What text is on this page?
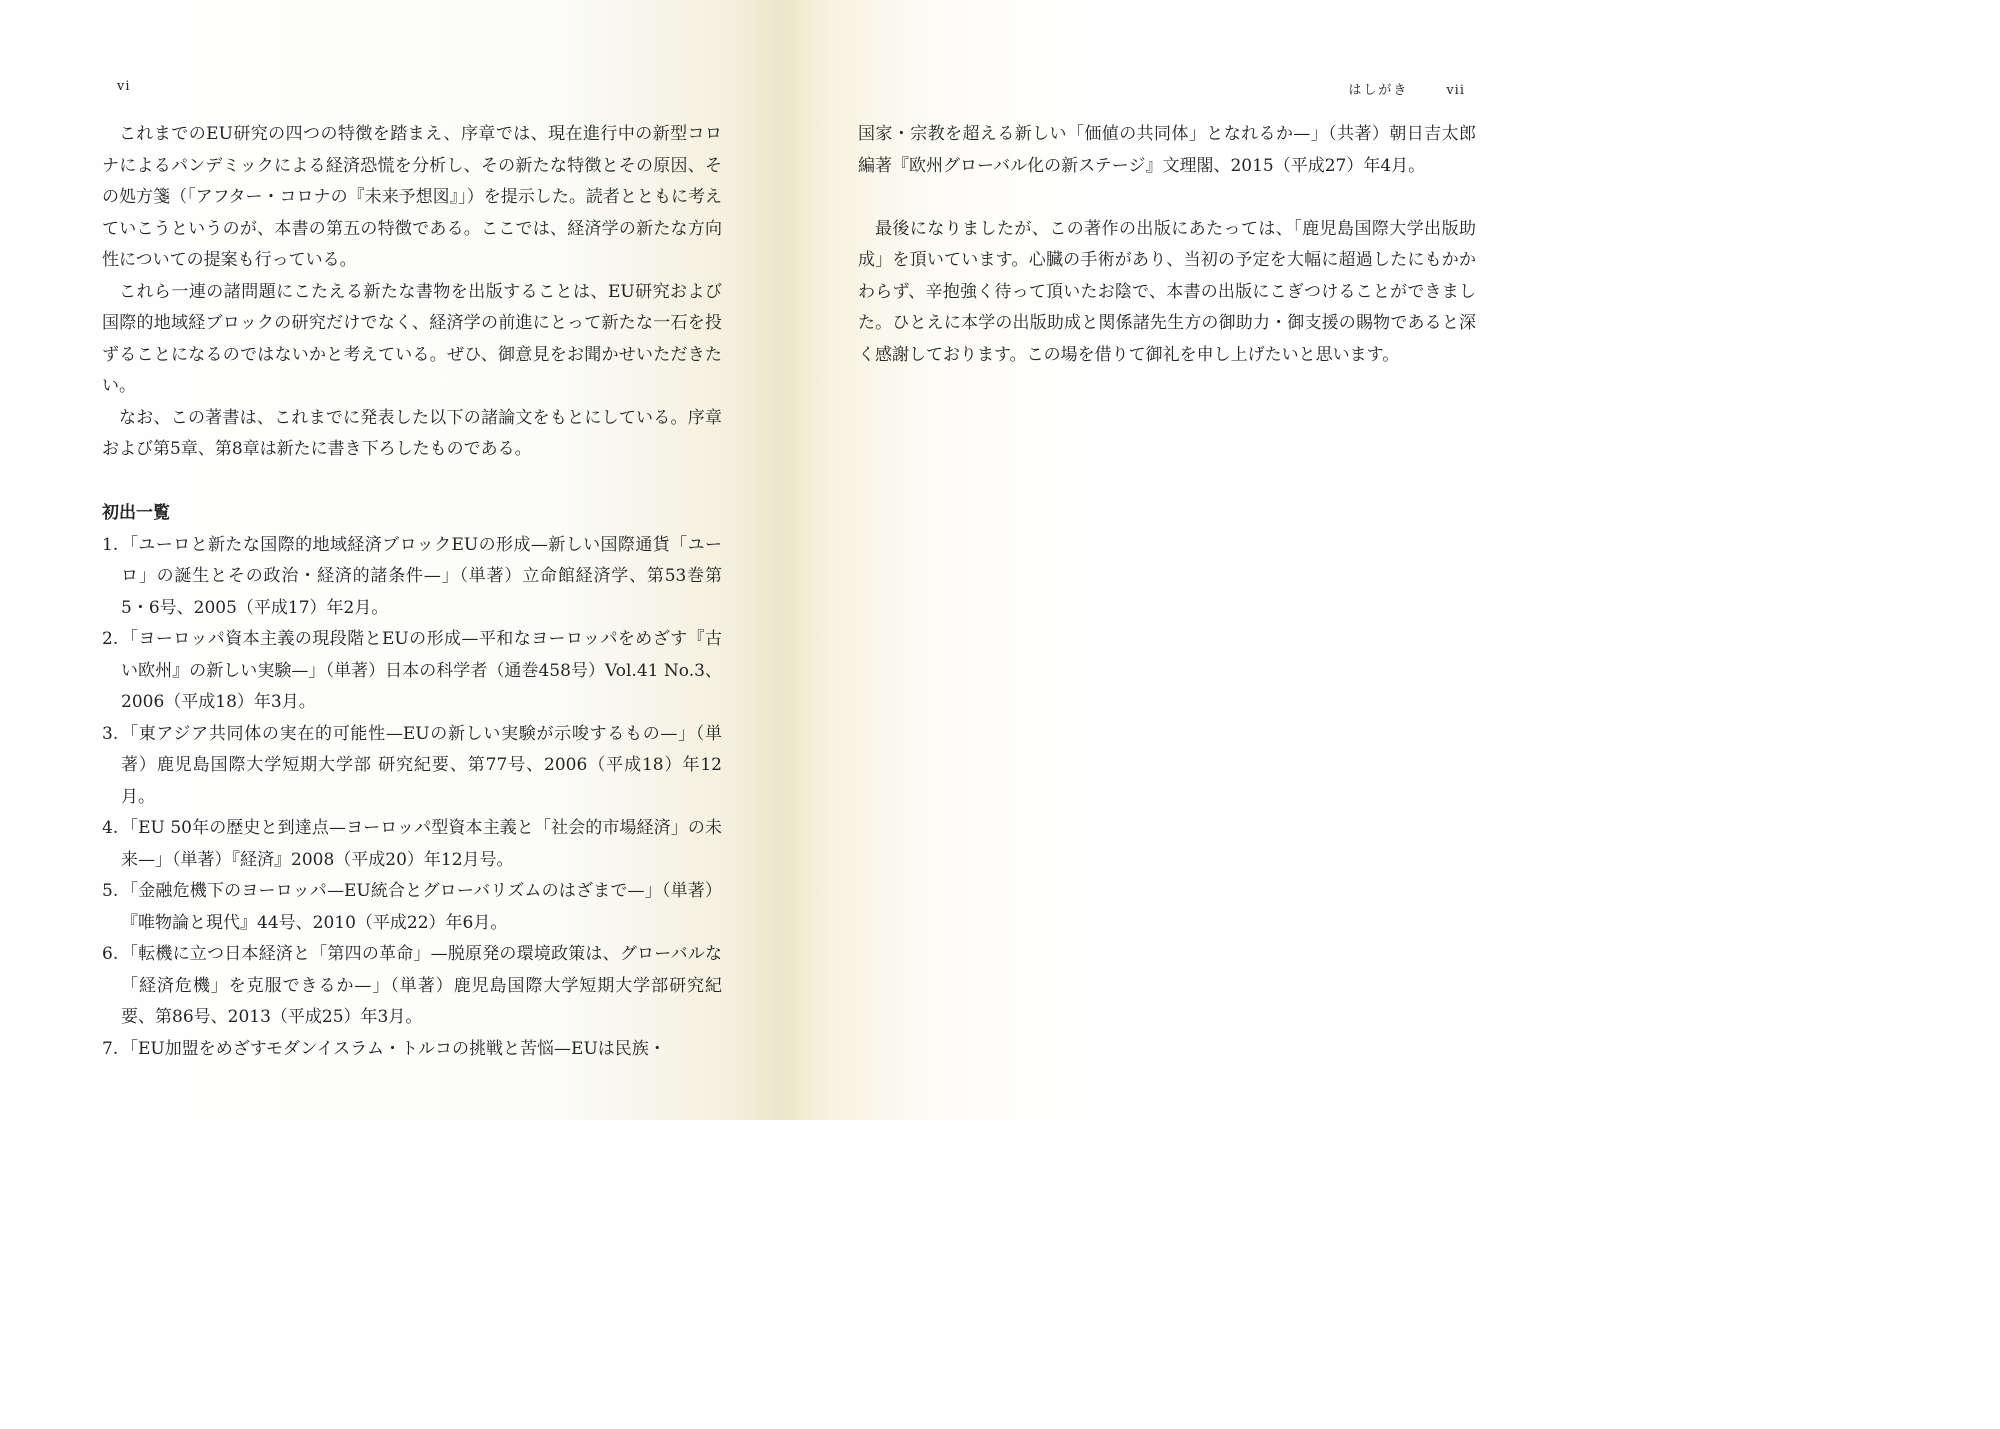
vi	はしがき	vii

これまでのEU研究の四つの特徴を踏まえ、序章では、現在進行中の新型コロナによるパンデミックによる経済恐慌を分析し、その新たな特徴とその原因、その処方箋（「アフター・コロナの『未来予想図』」）を提示した。読者とともに考えていこうというのが、本書の第五の特徴である。ここでは、経済学の新たな方向性についての提案も行っている。

これら一連の諸問題にこたえる新たな書物を出版することは、EU研究および国際的地域経ブロックの研究だけでなく、経済学の前進にとって新たな一石を投ずることになるのではないかと考えている。ぜひ、御意見をお聞かせいただきたい。

なお、この著書は、これまでに発表した以下の諸論文をもとにしている。序章および第5章、第8章は新たに書き下ろしたものである。

初出一覧

1. 「ユーロと新たな国際的地域経済ブロックEUの形成—新しい国際通貨「ユーロ」の誕生とその政治・経済的諸条件—」（単著）立命館経済学、第53巻第5・6号、2005（平成17）年2月。
2. 「ヨーロッパ資本主義の現段階とEUの形成—平和なヨーロッパをめざす『古い欧州』の新しい実験—」（単著）日本の科学者（通巻458号）Vol.41 No.3、2006（平成18）年3月。
3. 「東アジア共同体の実在的可能性—EUの新しい実験が示唆するもの—」（単著）鹿児島国際大学短期大学部 研究紀要、第77号、2006（平成18）年12月。
4. 「EU 50年の歴史と到達点—ヨーロッパ型資本主義と「社会的市場経済」の未来—」（単著）『経済』2008（平成20）年12月号。
5. 「金融危機下のヨーロッパ—EU統合とグローバリズムのはざまで—」（単著）『唯物論と現代』44号、2010（平成22）年6月。
6. 「転機に立つ日本経済と「第四の革命」—脱原発の環境政策は、グローバルな「経済危機」を克服できるか—」（単著）鹿児島国際大学短期大学部研究紀要、第86号、2013（平成25）年3月。
7. 「EU加盟をめざすモダンイスラム・トルコの挑戦と苦悩—EUは民族・

国家・宗教を超える新しい「価値の共同体」となれるか—」（共著）朝日吉太郎編著『欧州グローバル化の新ステージ』文理閣、2015（平成27）年4月。

最後になりましたが、この著作の出版にあたっては、「鹿児島国際大学出版助成」を頂いています。心臓の手術があり、当初の予定を大幅に超過したにもかかわらず、辛抱強く待って頂いたお陰で、本書の出版にこぎつけることができました。ひとえに本学の出版助成と関係諸先生方の御助力・御支援の賜物であると深く感謝しております。この場を借りて御礼を申し上げたいと思います。
